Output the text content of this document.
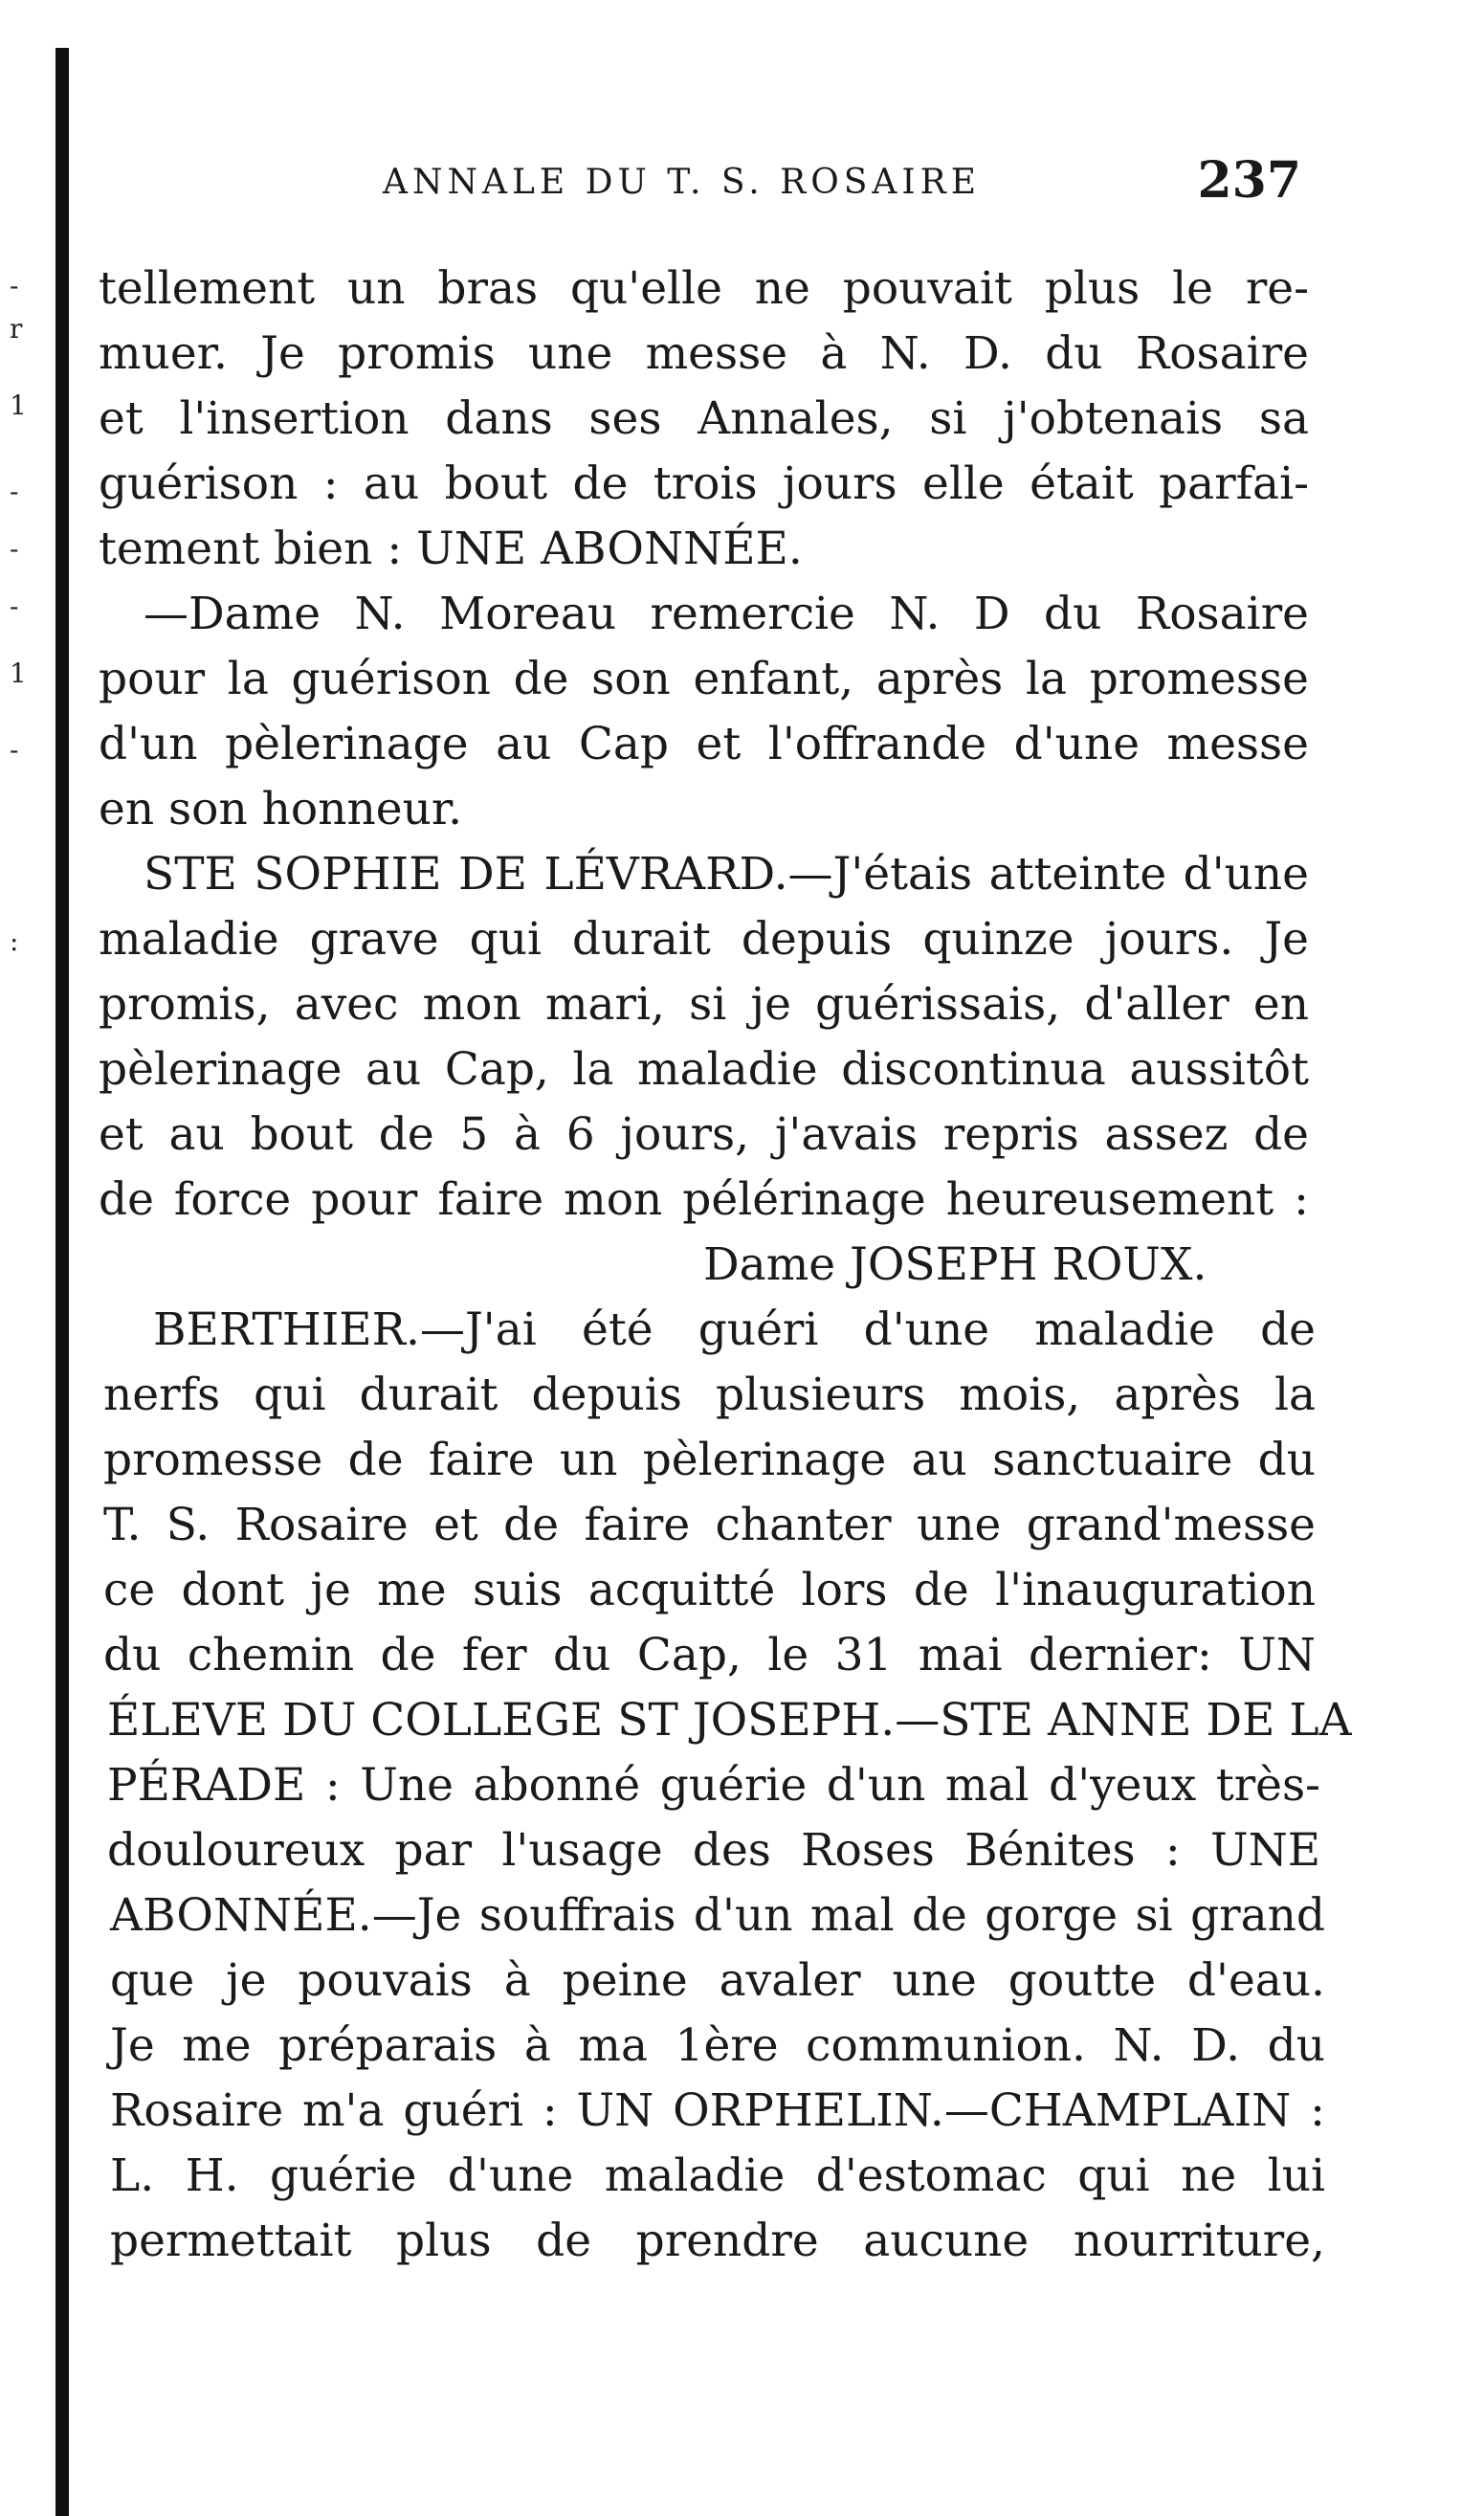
-
r
1
-
-
-
1
-
:
ANNALE DU T. S. ROSAIRE	237
tellement un bras qu'elle ne pouvait plus le re-
muer. Je promis une messe à N. D. du Rosaire
et l'insertion dans ses Annales, si j'obtenais sa
guérison : au bout de trois jours elle était parfai-
tement bien : UNE ABONNÉE.
—Dame N. Moreau remercie N. D du Rosaire
pour la guérison de son enfant, après la promesse
d'un pèlerinage au Cap et l'offrande d'une messe
en son honneur.
STE SOPHIE DE LÉVRARD.—J'étais atteinte d'une
maladie grave qui durait depuis quinze jours. Je
promis, avec mon mari, si je guérissais, d'aller en
pèlerinage au Cap, la maladie discontinua aussitôt
et au bout de 5 à 6 jours, j'avais repris assez de
de force pour faire mon pélérinage heureusement :
Dame JOSEPH ROUX.
BERTHIER.—J'ai été guéri d'une maladie de
nerfs qui durait depuis plusieurs mois, après la
promesse de faire un pèlerinage au sanctuaire du
T. S. Rosaire et de faire chanter une grand'messe
ce dont je me suis acquitté lors de l'inauguration
du chemin de fer du Cap, le 31 mai dernier: UN
ÉLEVE DU COLLEGE ST JOSEPH.—STE ANNE DE LA
PÉRADE : Une abonné guérie d'un mal d'yeux très-
douloureux par l'usage des Roses Bénites : UNE
ABONNÉE.—Je souffrais d'un mal de gorge si grand
que je pouvais à peine avaler une goutte d'eau.
Je me préparais à ma 1ère communion. N. D. du
Rosaire m'a guéri : UN ORPHELIN.—CHAMPLAIN :
L. H. guérie d'une maladie d'estomac qui ne lui
permettait plus de prendre aucune nourriture,
